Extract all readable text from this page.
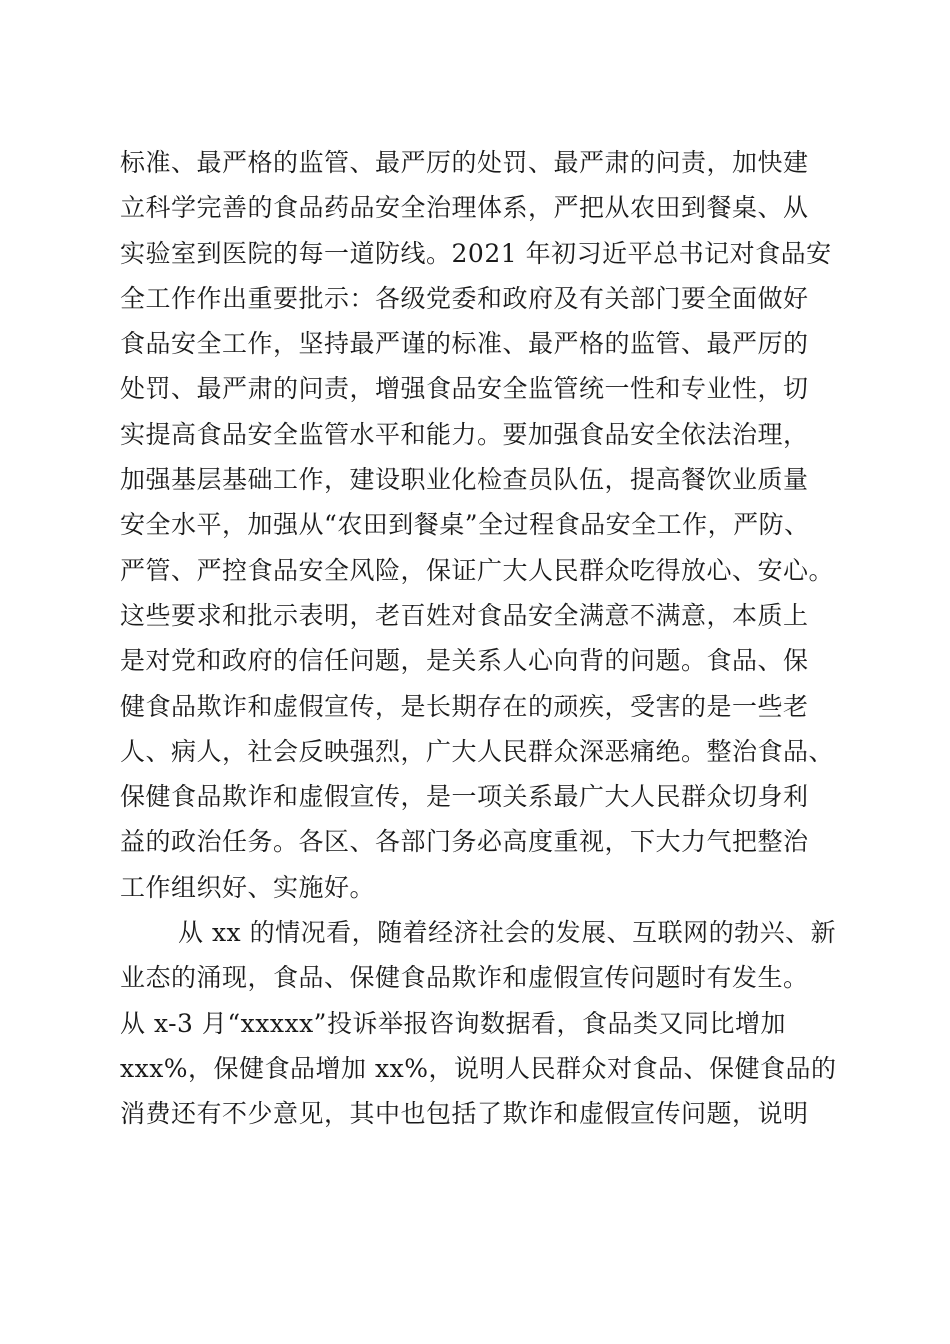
标准、最严格的监管、最严厉的处罚、最严肃的问责，加快建
立科学完善的食品药品安全治理体系，严把从农田到餐桌、从
实验室到医院的每一道防线。2021 年初习近平总书记对食品安
全工作作出重要批示：各级党委和政府及有关部门要全面做好
食品安全工作，坚持最严谨的标准、最严格的监管、最严厉的
处罚、最严肃的问责，增强食品安全监管统一性和专业性，切
实提高食品安全监管水平和能力。要加强食品安全依法治理，
加强基层基础工作，建设职业化检查员队伍，提高餐饮业质量
安全水平，加强从“农田到餐桌”全过程食品安全工作，严防、
严管、严控食品安全风险，保证广大人民群众吃得放心、安心。
这些要求和批示表明，老百姓对食品安全满意不满意，本质上
是对党和政府的信任问题，是关系人心向背的问题。食品、保
健食品欺诈和虚假宣传，是长期存在的顽疾，受害的是一些老
人、病人，社会反映强烈，广大人民群众深恶痛绝。整治食品、
保健食品欺诈和虚假宣传，是一项关系最广大人民群众切身利
益的政治任务。各区、各部门务必高度重视，下大力气把整治
工作组织好、实施好。
从 xx 的情况看，随着经济社会的发展、互联网的勃兴、新
业态的涌现，食品、保健食品欺诈和虚假宣传问题时有发生。
从 x-3 月“xxxxx”投诉举报咨询数据看，食品类又同比增加
xxx%，保健食品增加 xx%，说明人民群众对食品、保健食品的
消费还有不少意见，其中也包括了欺诈和虚假宣传问题，说明
